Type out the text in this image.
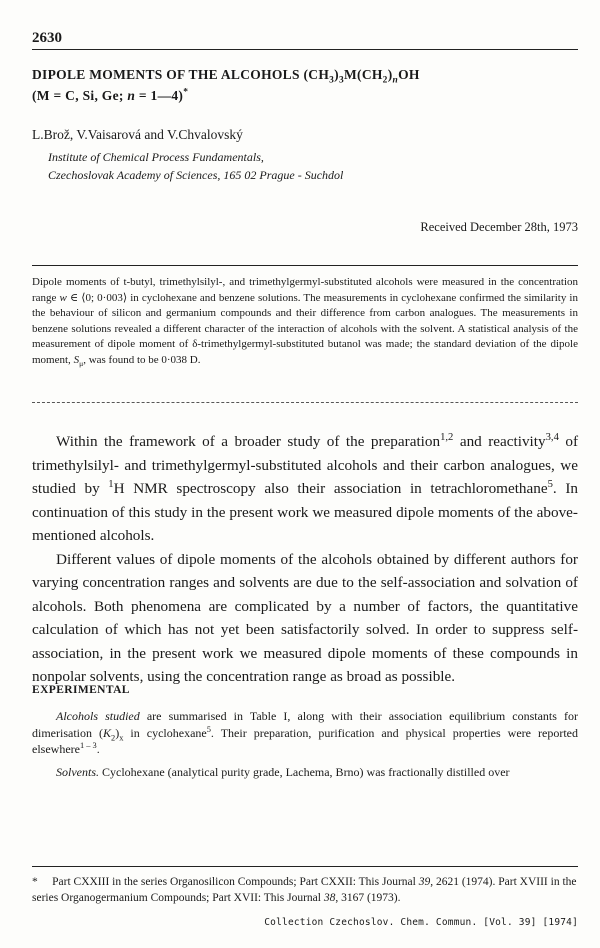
2630
DIPOLE MOMENTS OF THE ALCOHOLS $(CH_3)_3M(CH_2)_nOH$
(M = C, Si, Ge; n = 1—4)*
L.Brož, V.Vaisarová and V.Chvalovský
Institute of Chemical Process Fundamentals,
Czechoslovak Academy of Sciences, 165 02 Prague - Suchdol
Received December 28th, 1973
Dipole moments of t-butyl, trimethylsilyl-, and trimethylgermyl-substituted alcohols were measured in the concentration range w ∈ ⟨0; 0·003⟩ in cyclohexane and benzene solutions. The measurements in cyclohexane confirmed the similarity in the behaviour of silicon and germanium compounds and their difference from carbon analogues. The measurements in benzene solutions revealed a different character of the interaction of alcohols with the solvent. A statistical analysis of the measurement of dipole moment of δ-trimethylgermyl-substituted butanol was made; the standard deviation of the dipole moment, $S_\mu$, was found to be 0·038 D.

Within the framework of a broader study of the preparation$^{1,2}$ and reactivity$^{3,4}$ of trimethylsilyl- and trimethylgermyl-substituted alcohols and their carbon analogues, we studied by $^1$H NMR spectroscopy also their association in tetrachloromethane$^5$. In continuation of this study in the present work we measured dipole moments of the above-mentioned alcohols.

Different values of dipole moments of the alcohols obtained by different authors for varying concentration ranges and solvents are due to the self-association and solvation of alcohols. Both phenomena are complicated by a number of factors, the quantitative calculation of which has not yet been satisfactorily solved. In order to suppress self-association, in the present work we measured dipole moments of these compounds in nonpolar solvents, using the concentration range as broad as possible.

EXPERIMENTAL

Alcohols studied are summarised in Table I, along with their association equilibrium constants for dimerisation $(K_2)_x$ in cyclohexane$^5$. Their preparation, purification and physical properties were reported elsewhere$^{1 - 3}$.

Solvents. Cyclohexane (analytical purity grade, Lachema, Brno) was fractionally distilled over

* Part CXXIII in the series Organosilicon Compounds; Part CXXII: This Journal 39, 2621 (1974). Part XVIII in the series Organogermanium Compounds; Part XVII: This Journal 38, 3167 (1973).
Collection Czechoslov. Chem. Commun. [Vol. 39] [1974]
